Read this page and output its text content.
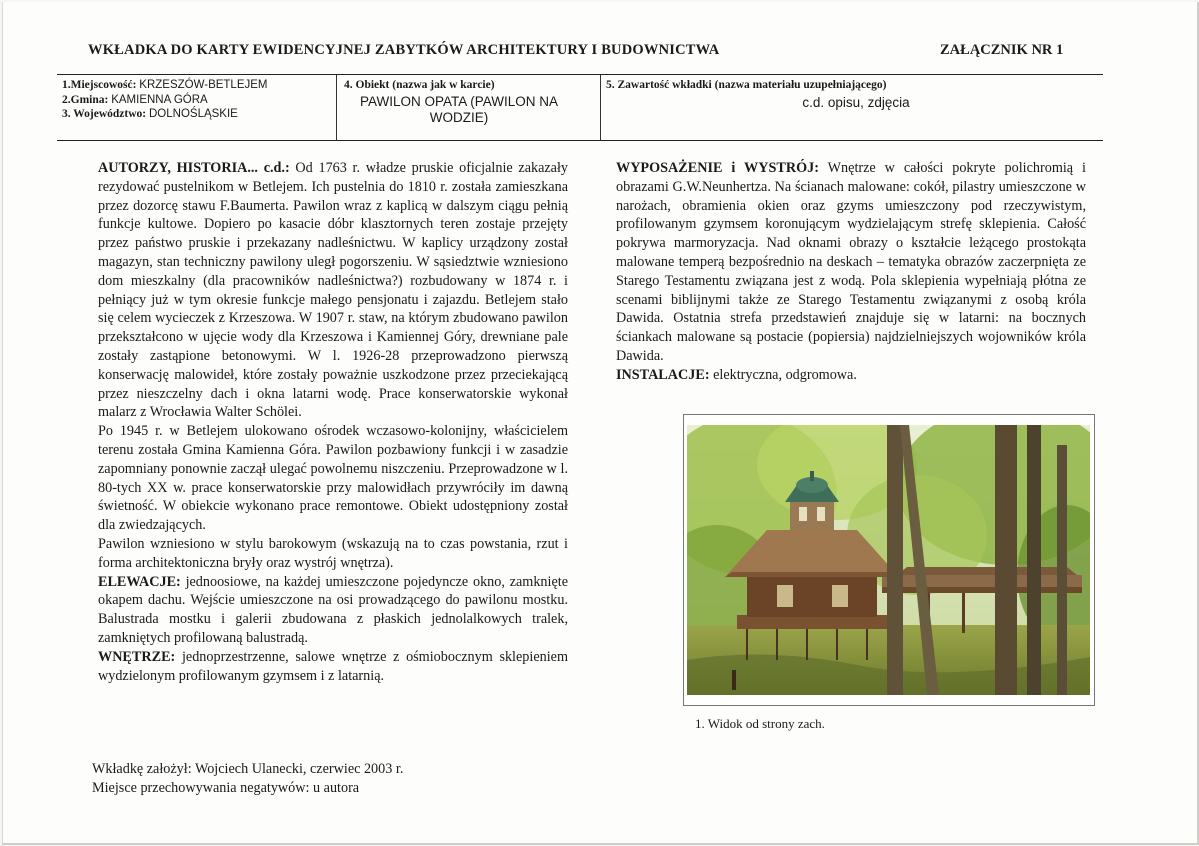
WKŁADKA DO KARTY EWIDENCYJNEJ ZABYTKÓW ARCHITEKTURY I BUDOWNICTWA	ZAŁĄCZNIK NR 1
1.Miejscowość: KRZESZÓW-BETLEJEM
2.Gmina: KAMIENNA GÓRA
3. Województwo: DOLNOŚLĄSKIE
4. Obiekt (nazwa jak w karcie)
PAWILON OPATA (PAWILON NA WODZIE)
5. Zawartość wkładki (nazwa materiału uzupełniającego)
c.d. opisu, zdjęcia

AUTORZY, HISTORIA... c.d.: Od 1763 r. władze pruskie oficjalnie zakazały rezydować pustelnikom w Betlejem. Ich pustelnia do 1810 r. została zamieszkana przez dozorcę stawu F.Baumerta. Pawilon wraz z kaplicą w dalszym ciągu pełnią funkcje kultowe. Dopiero po kasacie dóbr klasztornych teren zostaje przejęty przez państwo pruskie i przekazany nadleśnictwu. W kaplicy urządzony został magazyn, stan techniczny pawilony uległ pogorszeniu. W sąsiedztwie wzniesiono dom mieszkalny (dla pracowników nadleśnictwa?) rozbudowany w 1874 r. i pełniący już w tym okresie funkcje małego pensjonatu i zajazdu. Betlejem stało się celem wycieczek z Krzeszowa. W 1907 r. staw, na którym zbudowano pawilon przekształcono w ujęcie wody dla Krzeszowa i Kamiennej Góry, drewniane pale zostały zastąpione betonowymi. W l. 1926-28 przeprowadzono pierwszą konserwację malowideł, które zostały poważnie uszkodzone przez przeciekającą przez nieszczelny dach i okna latarni wodę. Prace konserwatorskie wykonał malarz z Wrocławia Walter Schölei.

Po 1945 r. w Betlejem ulokowano ośrodek wczasowo-kolonijny, właścicielem terenu została Gmina Kamienna Góra. Pawilon pozbawiony funkcji i w zasadzie zapomniany ponownie zaczął ulegać powolnemu niszczeniu. Przeprowadzone w l. 80-tych XX w. prace konserwatorskie przy malowidłach przywróciły im dawną świetność. W obiekcie wykonano prace remontowe. Obiekt udostępniony został dla zwiedzających.

Pawilon wzniesiono w stylu barokowym (wskazują na to czas powstania, rzut i forma architektoniczna bryły oraz wystrój wnętrza).

ELEWACJE: jednoosiowe, na każdej umieszczone pojedyncze okno, zamknięte okapem dachu. Wejście umieszczone na osi prowadzącego do pawilonu mostku. Balustrada mostku i galerii zbudowana z płaskich jednolalkowych tralek, zamkniętych profilowaną balustradą.

WNĘTRZE: jednoprzestrzenne, salowe wnętrze z ośmiobocznym sklepieniem wydzielonym profilowanym gzymsem i z latarnią.

WYPOSAŻENIE i WYSTRÓJ: Wnętrze w całości pokryte polichromią i obrazami G.W.Neunhertza. Na ścianach malowane: cokół, pilastry umieszczone w narożach, obramienia okien oraz gzyms umieszczony pod rzeczywistym, profilowanym gzymsem koronującym wydzielającym strefę sklepienia. Całość pokrywa marmoryzacja. Nad oknami obrazy o kształcie leżącego prostokąta malowane temperą bezpośrednio na deskach – tematyka obrazów zaczerpnięta ze Starego Testamentu związana jest z wodą. Pola sklepienia wypełniają płótna ze scenami biblijnymi także ze Starego Testamentu związanymi z osobą króla Dawida. Ostatnia strefa przedstawień znajduje się w latarni: na bocznych ściankach malowane są postacie (popiersia) najdzielniejszych wojowników króla Dawida.

INSTALACJE: elektryczna, odgromowa.

1. Widok od strony zach.
Wkładkę założył: Wojciech Ulanecki, czerwiec 2003 r.
Miejsce przechowywania negatywów: u autora
